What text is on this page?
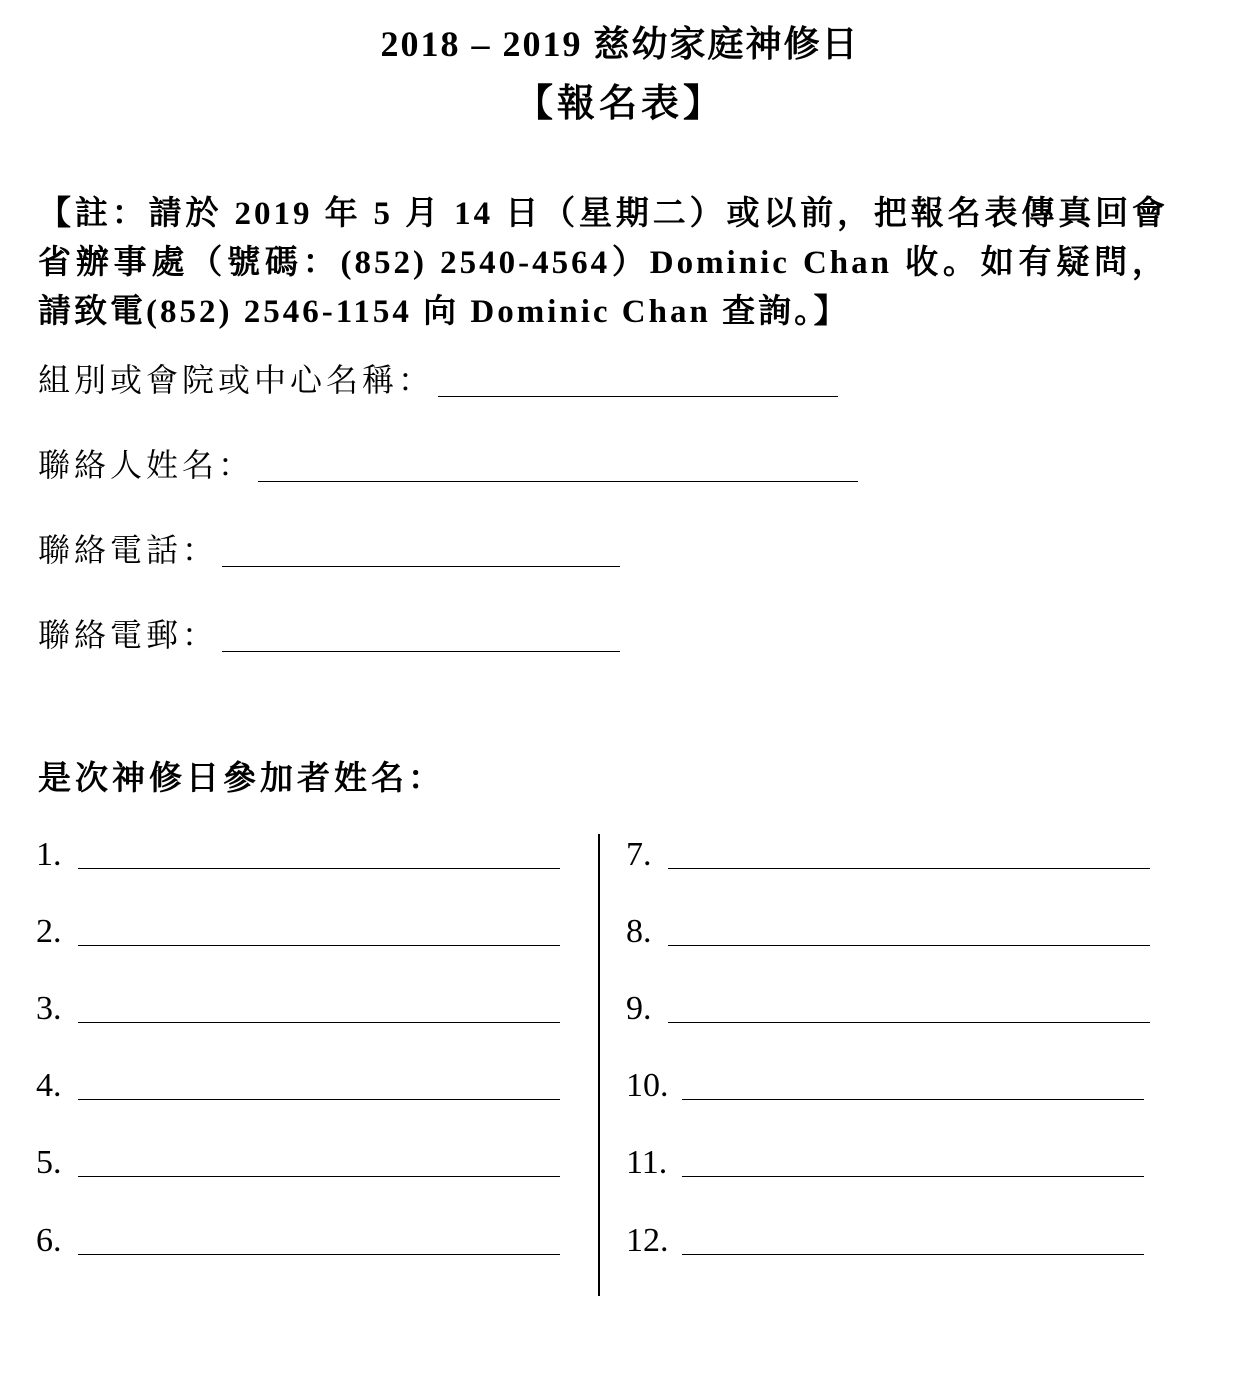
2018 – 2019 慈幼家庭神修日
【報名表】
【註：請於 2019 年 5 月 14 日（星期二）或以前，把報名表傳真回會省辦事處（號碼：(852) 2540-4564）Dominic Chan 收。如有疑問，請致電(852) 2546-1154 向 Dominic Chan 查詢。】
組別或會院或中心名稱：
聯絡人姓名：
聯絡電話：
聯絡電郵：
是次神修日參加者姓名：
1.
2.
3.
4.
5.
6.
7.
8.
9.
10.
11.
12.
